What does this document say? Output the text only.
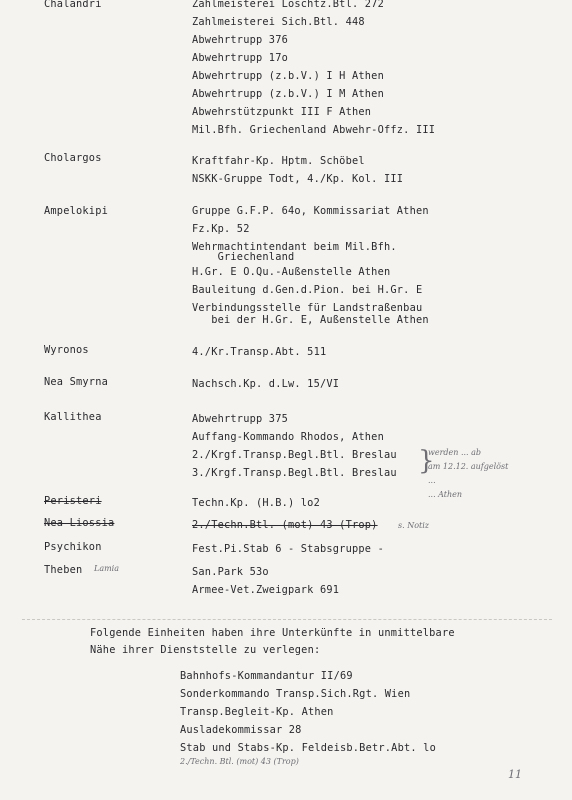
Chalandri	Zahlmeisterei Löschtz.Btl. 272
Zahlmeisterei Sich.Btl. 448
Abwehrtrupp 376
Abwehrtrupp 17o
Abwehrtrupp (z.b.V.) I H Athen
Abwehrtrupp (z.b.V.) I M Athen
Abwehrstützpunkt III F Athen
Mil.Bfh. Griechenland Abwehr-Offz. III
Cholargos	Kraftfahr-Kp. Hptm. Schöbel
NSKK-Gruppe Todt, 4./Kp. Kol. III
Ampelokipi	Gruppe G.F.P. 64o, Kommissariat Athen
Fz.Kp. 52
Wehrmachtintendant beim Mil.Bfh.
Griechenland
H.Gr. E O.Qu.-Außenstelle Athen
Bauleitung d.Gen.d.Pion. bei H.Gr. E
Verbindungsstelle für Landstraßenbau
bei der H.Gr. E, Außenstelle Athen
Wyronos	4./Kr.Transp.Abt. 511
Nea Smyrna	Nachsch.Kp. d.Lw. 15/VI
Kallithea	Abwehrtrupp 375
Auffang-Kommando Rhodos, Athen
2./Krgf.Transp.Begl.Btl. Breslau
3./Krgf.Transp.Begl.Btl. Breslau
Peristeri	Techn.Kp. (H.B.) lo2
Nea Liossia	2./Techn.Btl. (mot) 43 (Trop)
Psychikon	Fest.Pi.Stab 6 - Stabsgruppe -
Theben	San.Park 53o
Armee-Vet.Zweigpark 691
}
Folgende Einheiten haben ihre Unterkünfte in unmittelbare
Nähe ihrer Dienststelle zu verlegen:
Bahnhofs-Kommandantur II/69
Sonderkommando Transp.Sich.Rgt. Wien
Transp.Begleit-Kp. Athen
Ausladekommissar 28
Stab und Stabs-Kp. Feldeisb.Betr.Abt. lo
werden ... ab
am 12.12. aufgelöst
...
... Athen
s. Notiz
Lamia
2./Techn. Btl. (mot) 43 (Trop)
11
